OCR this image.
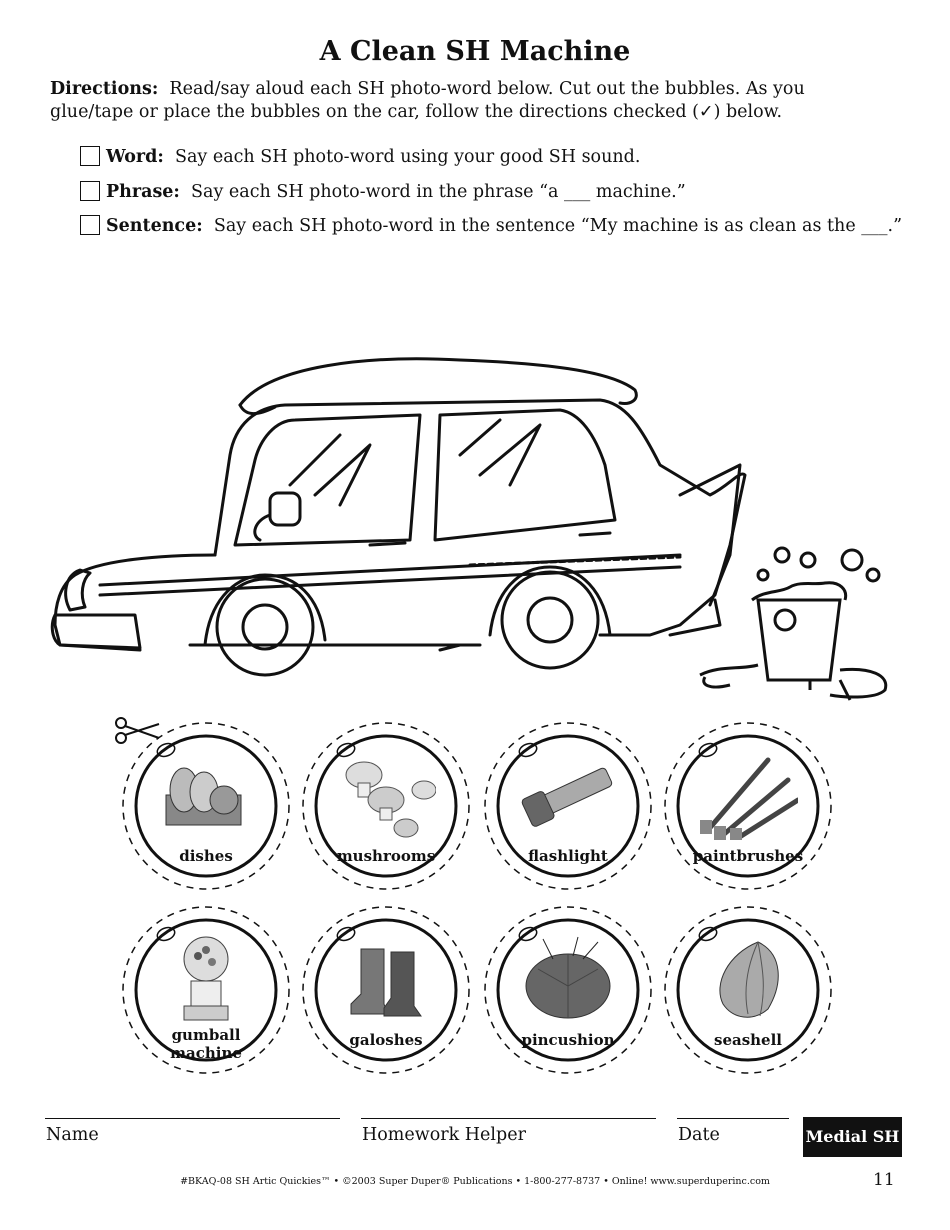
A Clean SH Machine
Directions: Read/say aloud each SH photo-word below. Cut out the bubbles. As you glue/tape or place the bubbles on the car, follow the directions checked (✓) below.
Word: Say each SH photo-word using your good SH sound.
Phrase: Say each SH photo-word in the phrase “a ___ machine.”
Sentence: Say each SH photo-word in the sentence “My machine is as clean as the ___.”
dishes	mushrooms	flashlight	paintbrushes
gumball machine
galoshes	pincushion	seashell
Name	Homework Helper	Date	Medial SH
#BKAQ-08 SH Artic Quickies™ • ©2003 Super Duper® Publications • 1-800-277-8737 • Online! www.superduperinc.com	11
